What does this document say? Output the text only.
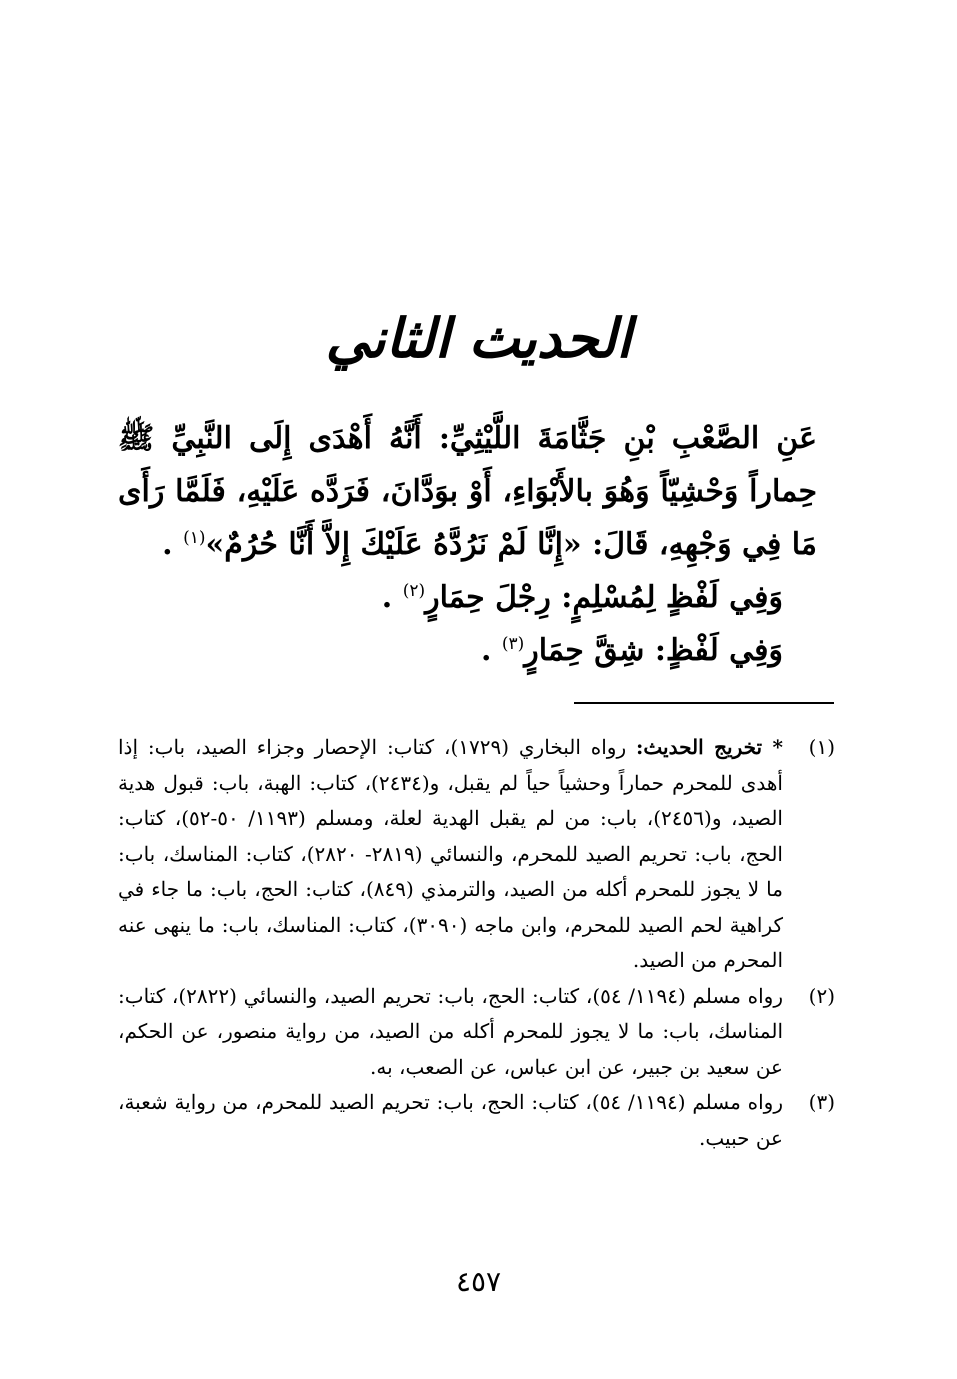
الحديث الثاني

عَنِ الصَّعْبِ بْنِ جَثَّامَةَ اللَّيْثِيِّ: أَنَّهُ أَهْدَى إِلَى النَّبِيِّ ﷺ حِماراً وَحْشِيّاً وَهُوَ بالأَبْوَاءِ، أَوْ بوَدَّانَ، فَرَدَّه عَلَيْهِ، فَلَمَّا رَأَى مَا فِي وَجْهِهِ، قَالَ: «إِنَّا لَمْ نَرُدَّهُ عَلَيْكَ إِلاَّ أَنَّا حُرُمٌ»$^{(١)}$ .

وَفِي لَفْظٍ لِمُسْلِمٍ: رِجْلَ حِمَارٍ$^{(٢)}$ .

وَفِي لَفْظٍ: شِقَّ حِمَارٍ$^{(٣)}$ .

(١)
* تخريج الحديث: رواه البخاري (١٧٢٩)، كتاب: الإحصار وجزاء الصيد، باب: إذا أهدى للمحرم حماراً وحشياً حياً لم يقبل، و(٢٤٣٤)، كتاب: الهبة، باب: قبول هدية الصيد، و(٢٤٥٦)، باب: من لم يقبل الهدية لعلة، ومسلم (١١٩٣/ ٥٠-٥٢)، كتاب: الحج، باب: تحريم الصيد للمحرم، والنسائي (٢٨١٩- ٢٨٢٠)، كتاب: المناسك، باب: ما لا يجوز للمحرم أكله من الصيد، والترمذي (٨٤٩)، كتاب: الحج، باب: ما جاء في كراهية لحم الصيد للمحرم، وابن ماجه (٣٠٩٠)، كتاب: المناسك، باب: ما ينهى عنه المحرم من الصيد.
(٢)
رواه مسلم (١١٩٤/ ٥٤)، كتاب: الحج، باب: تحريم الصيد، والنسائي (٢٨٢٢)، كتاب: المناسك، باب: ما لا يجوز للمحرم أكله من الصيد، من رواية منصور، عن الحكم، عن سعيد بن جبير، عن ابن عباس، عن الصعب، به.
(٣)
رواه مسلم (١١٩٤/ ٥٤)، كتاب: الحج، باب: تحريم الصيد للمحرم، من رواية شعبة، عن حبيب.
٤٥٧
